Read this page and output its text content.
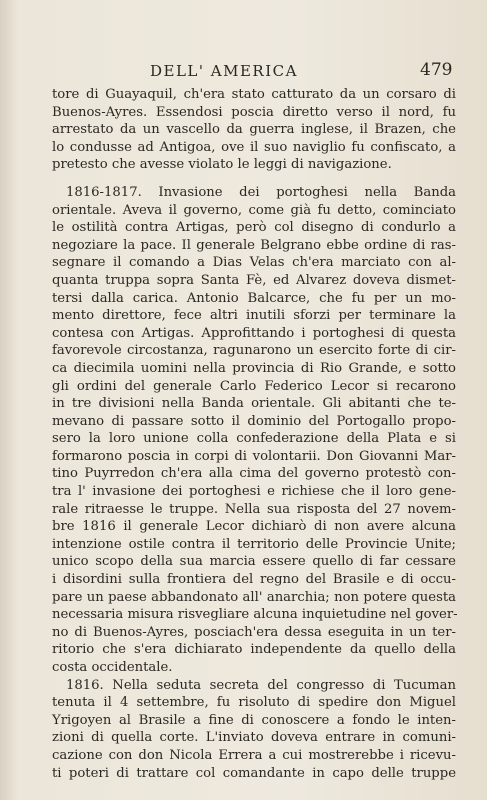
DELL' AMERICA	479
tore di Guayaquil, ch'era stato catturato da un corsaro di
Buenos-Ayres. Essendosi poscia diretto verso il nord, fu
arrestato da un vascello da guerra inglese, il Brazen, che
lo condusse ad Antigoa, ove il suo naviglio fu confiscato, a
pretesto che avesse violato le leggi di navigazione.
1816-1817. Invasione dei portoghesi nella Banda
orientale. Aveva il governo, come già fu detto, cominciato
le ostilità contra Artigas, però col disegno di condurlo a
negoziare la pace. Il generale Belgrano ebbe ordine di ras-
segnare il comando a Dias Velas ch'era marciato con al-
quanta truppa sopra Santa Fè, ed Alvarez doveva dismet-
tersi dalla carica. Antonio Balcarce, che fu per un mo-
mento direttore, fece altri inutili sforzi per terminare la
contesa con Artigas. Approfittando i portoghesi di questa
favorevole circostanza, ragunarono un esercito forte di cir-
ca diecimila uomini nella provincia di Rio Grande, e sotto
gli ordini del generale Carlo Federico Lecor si recarono
in tre divisioni nella Banda orientale. Gli abitanti che te-
mevano di passare sotto il dominio del Portogallo propo-
sero la loro unione colla confederazione della Plata e si
formarono poscia in corpi di volontarii. Don Giovanni Mar-
tino Puyrredon ch'era alla cima del governo protestò con-
tra l' invasione dei portoghesi e richiese che il loro gene-
rale ritraesse le truppe. Nella sua risposta del 27 novem-
bre 1816 il generale Lecor dichiarò di non avere alcuna
intenzione ostile contra il territorio delle Provincie Unite;
unico scopo della sua marcia essere quello di far cessare
i disordini sulla frontiera del regno del Brasile e di occu-
pare un paese abbandonato all' anarchia; non potere questa
necessaria misura risvegliare alcuna inquietudine nel gover-
no di Buenos-Ayres, posciach'era dessa eseguita in un ter-
ritorio che s'era dichiarato independente da quello della
costa occidentale.
1816. Nella seduta secreta del congresso di Tucuman
tenuta il 4 settembre, fu risoluto di spedire don Miguel
Yrigoyen al Brasile a fine di conoscere a fondo le inten-
zioni di quella corte. L'inviato doveva entrare in comuni-
cazione con don Nicola Errera a cui mostrerebbe i ricevu-
ti poteri di trattare col comandante in capo delle truppe
